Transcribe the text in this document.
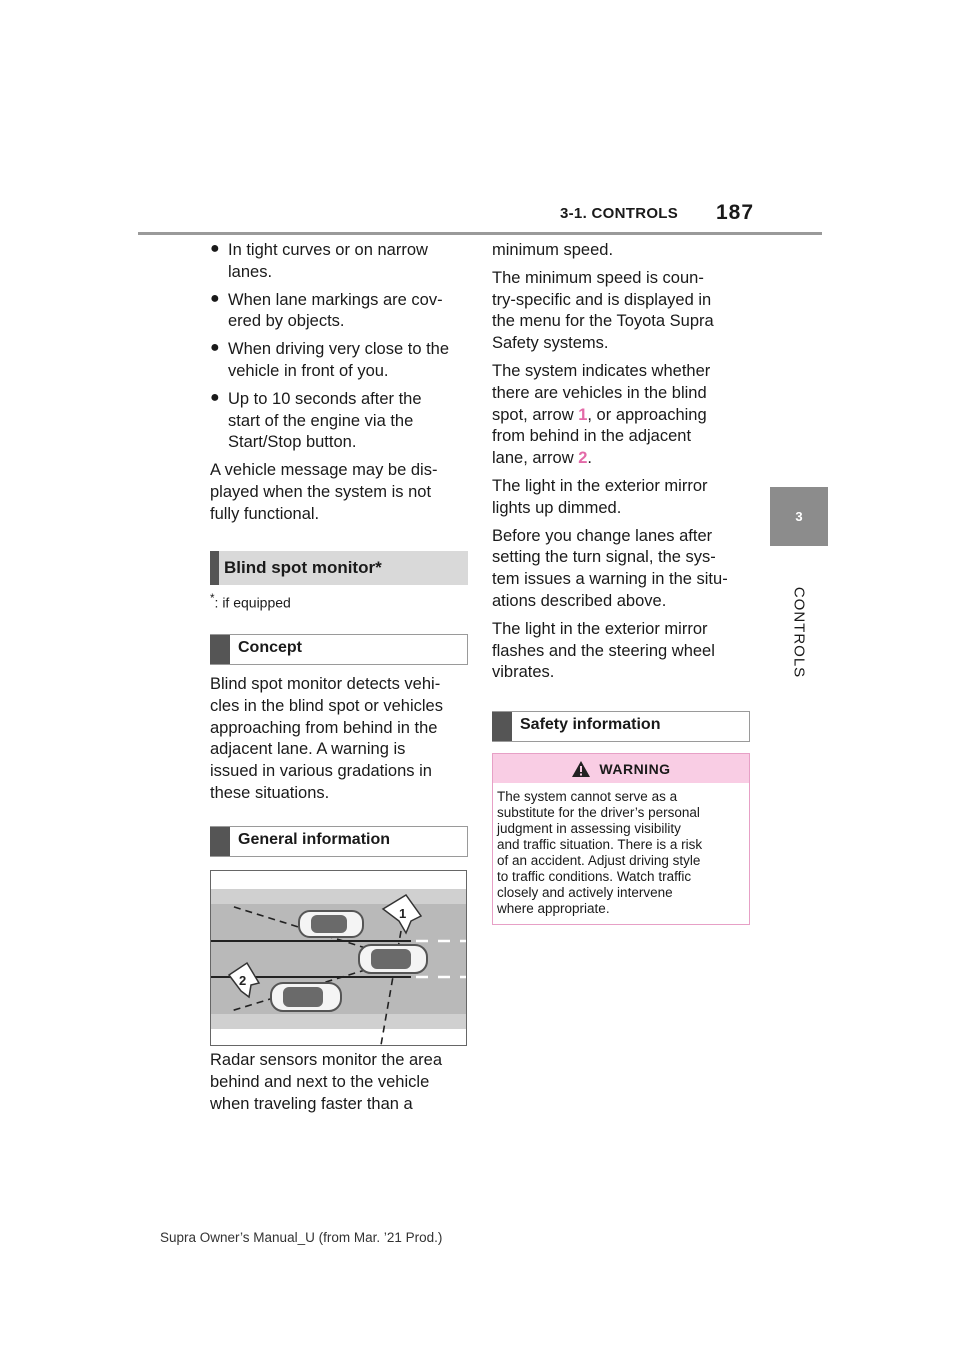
3-1. CONTROLS 187
3
CONTROLS
● In tight curves or on narrow

lanes.

● When lane markings are cov-

ered by objects.

● When driving very close to the

vehicle in front of you.

● Up to 10 seconds after the

start of the engine via the

Start/Stop button.

A vehicle message may be dis-

played when the system is not

fully functional.

Blind spot monitor*
*: if equipped
Concept

Blind spot monitor detects vehi-

cles in the blind spot or vehicles

approaching from behind in the

adjacent lane. A warning is

issued in various gradations in

these situations.

General information
1
2

Radar sensors monitor the area

behind and next to the vehicle

when traveling faster than a

minimum speed.

The minimum speed is coun-

try-specific and is displayed in

the menu for the Toyota Supra

Safety systems.

The system indicates whether

there are vehicles in the blind

spot, arrow 1, or approaching

from behind in the adjacent

lane, arrow 2.

The light in the exterior mirror

lights up dimmed.

Before you change lanes after

setting the turn signal, the sys-

tem issues a warning in the situ-

ations described above.

The light in the exterior mirror

flashes and the steering wheel

vibrates.

Safety information
WARNING
The system cannot serve as a
substitute for the driver’s personal
judgment in assessing visibility
and traffic situation. There is a risk
of an accident. Adjust driving style
to traffic conditions. Watch traffic
closely and actively intervene
where appropriate.
Supra Owner’s Manual_U (from Mar. ’21 Prod.)
